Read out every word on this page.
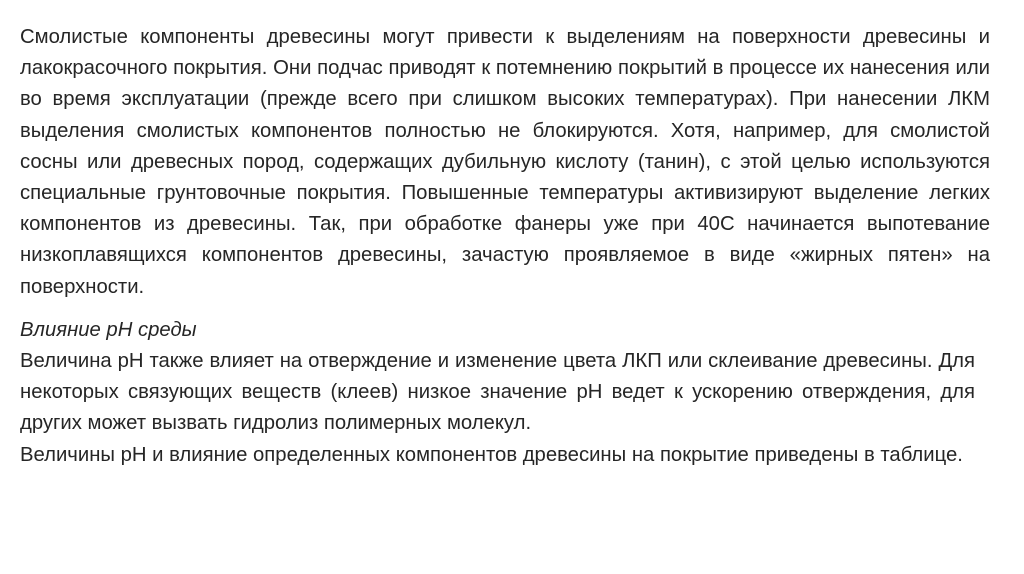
Смолистые компоненты древесины могут привести к выделениям на поверхности древесины и лакокрасочного покрытия. Они подчас приводят к потемнению покрытий в процессе их нанесения или во время эксплуатации (прежде всего при слишком высоких температурах). При нанесении ЛКМ выделения смолистых компонентов полностью не блокируются. Хотя, например, для смолистой сосны или древесных пород, содержащих дубильную кислоту (танин), с этой целью используются специальные грунтовочные покрытия. Повышенные температуры активизируют выделение легких компонентов из древесины. Так, при обработке фанеры уже при 40С начинается выпотевание низкоплавящихся компонентов древесины, зачастую проявляемое в виде «жирных пятен» на поверхности.

Влияние pH среды

Величина pH также влияет на отверждение и изменение цвета ЛКП или склеивание древесины. Для некоторых связующих веществ (клеев) низкое значение pH ведет к ускорению отверждения, для других может вызвать гидролиз полимерных молекул.

Величины pH и влияние определенных компонентов древесины на покрытие приведены в таблице.
